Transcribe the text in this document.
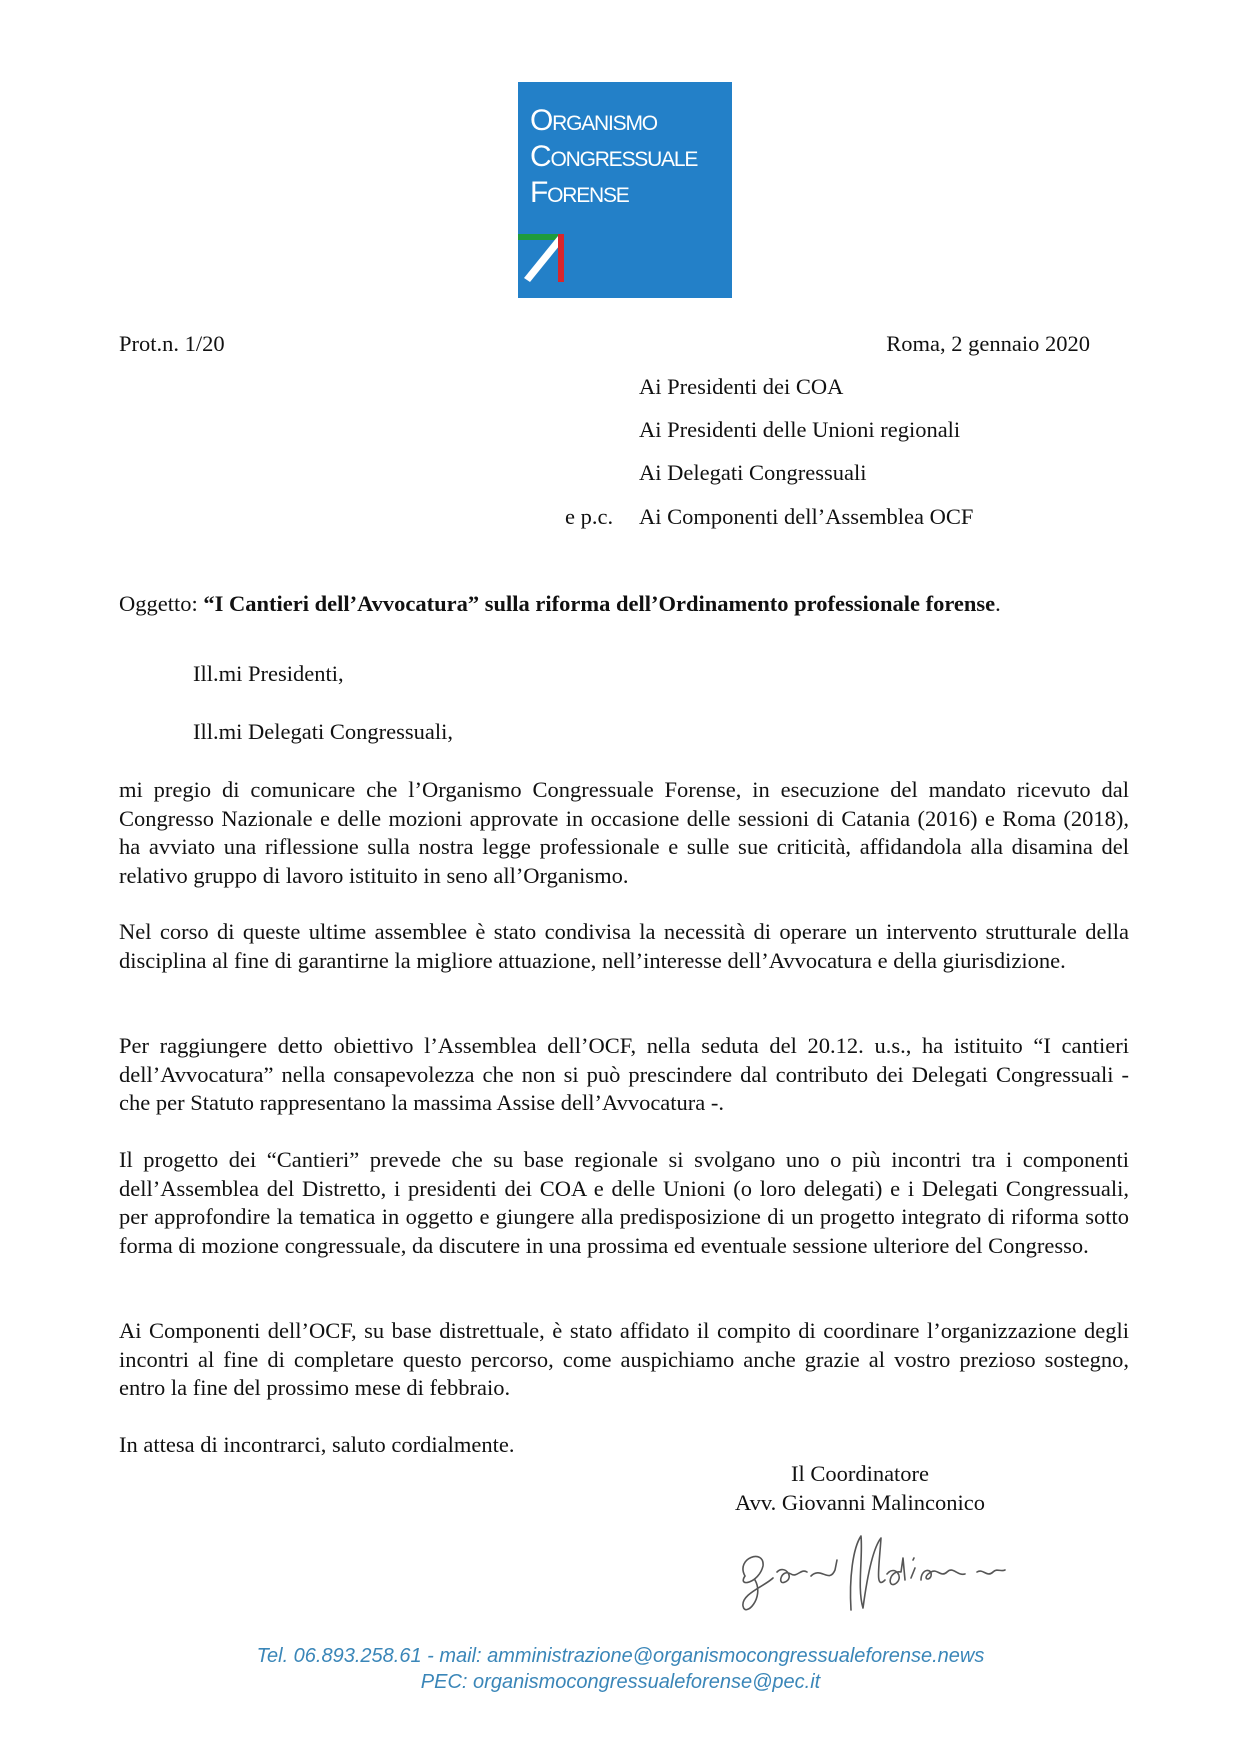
Organismo
Congressuale
Forense
Prot.n. 1/20	Roma, 2 gennaio 2020
Ai Presidenti dei COA
Ai Presidenti delle Unioni regionali
Ai Delegati Congressuali
e p.c. Ai Componenti dell’Assemblea OCF
Oggetto: “I Cantieri dell’Avvocatura” sulla riforma dell’Ordinamento professionale forense.
Ill.mi Presidenti,
Ill.mi Delegati Congressuali,
mi pregio di comunicare che l’Organismo Congressuale Forense, in esecuzione del mandato ricevuto dal Congresso Nazionale e delle mozioni approvate in occasione delle sessioni di Catania (2016) e Roma (2018), ha avviato una riflessione sulla nostra legge professionale e sulle sue criticità, affidandola alla disamina del relativo gruppo di lavoro istituito in seno all’Organismo.
Nel corso di queste ultime assemblee è stato condivisa la necessità di operare un intervento strutturale della disciplina al fine di garantirne la migliore attuazione, nell’interesse dell’Avvocatura e della giurisdizione.
Per raggiungere detto obiettivo l’Assemblea dell’OCF, nella seduta del 20.12. u.s., ha istituito “I cantieri dell’Avvocatura” nella consapevolezza che non si può prescindere dal contributo dei Delegati Congressuali - che per Statuto rappresentano la massima Assise dell’Avvocatura -.
Il progetto dei “Cantieri” prevede che su base regionale si svolgano uno o più incontri tra i componenti dell’Assemblea del Distretto, i presidenti dei COA e delle Unioni (o loro delegati) e i Delegati Congressuali, per approfondire la tematica in oggetto e giungere alla predisposizione di un progetto integrato di riforma sotto forma di mozione congressuale, da discutere in una prossima ed eventuale sessione ulteriore del Congresso.
Ai Componenti dell’OCF, su base distrettuale, è stato affidato il compito di coordinare l’organizzazione degli incontri al fine di completare questo percorso, come auspichiamo anche grazie al vostro prezioso sostegno, entro la fine del prossimo mese di febbraio.
In attesa di incontrarci, saluto cordialmente.
Il Coordinatore
Avv. Giovanni Malinconico
Tel. 06.893.258.61 - mail: amministrazione@organismocongressualeforense.news
PEC: organismocongressualeforense@pec.it
